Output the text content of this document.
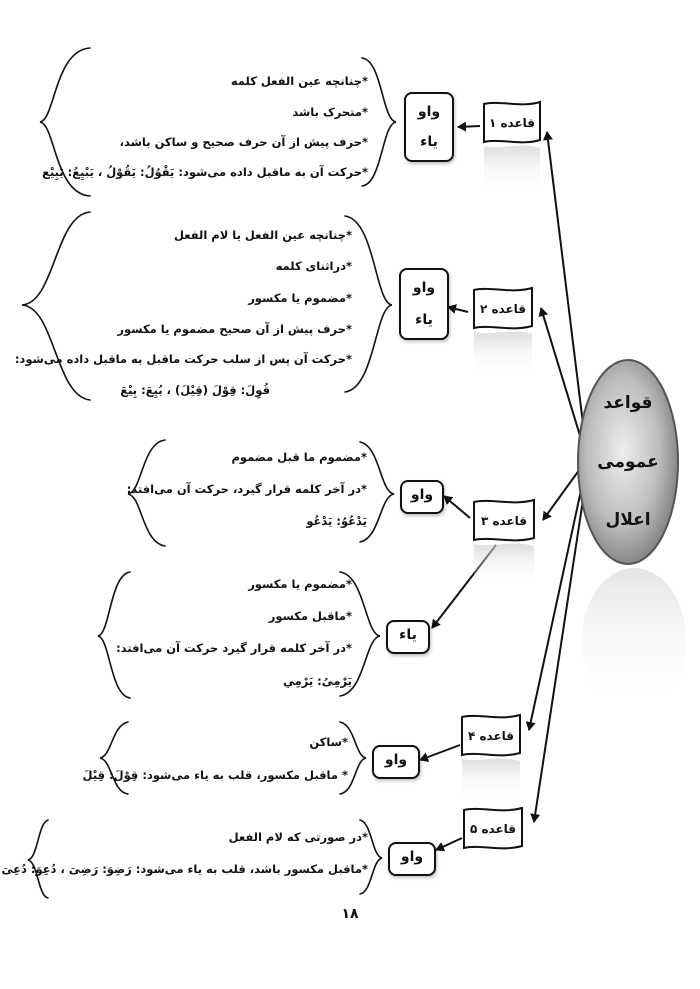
قواعد
عمومی
اعلال
قاعده ۱
قاعده ۲
قاعده ۳
قاعده ۴
قاعده ۵
واو
یاء
واو
یاء
واو
یاء
واو
واو
*چنانچه عین الفعل کلمه
*متحرک باشد
*حرف پیش از آن حرف صحیح و ساکن باشد،
*حرکت آن به ماقبل داده می‌شود: یَقْوُلُ: یَقُوْلُ ، یَبْیِعُ: یَبِیْع
*چنانچه عین الفعل یا لام الفعل
*دراثنای کلمه
*مضموم یا مکسور
*حرف پیش از آن صحیح مضموم یا مکسور
*حرکت آن پس از سلب حرکت ماقبل به ماقبل داده می‌شود:
قُوِلَ: قِوْلَ (قِیْلَ) ، بُیِعَ: بِیْعَ
*مضموم ما قبل مضموم
*در آخر کلمه قرار گیرد، حرکت آن می‌افتد:
یَدْعُوُ: یَدْعُو
*مضموم یا مکسور
*ماقبل مکسور
*در آخر کلمه قرار گیرد حرکت آن می‌افتد:
یَرْمِیُ: یَرْمِي
*ساکن
* ماقبل مکسور، قلب به یاء می‌شود: قِوْلَ: قِیْلَ
*در صورتی که لام الفعل
*ماقبل مکسور باشد، قلب به یاء می‌شود: رَضِوَ: رَضِیَ ، دُعِوَ: دُعِیَ
۱۸
